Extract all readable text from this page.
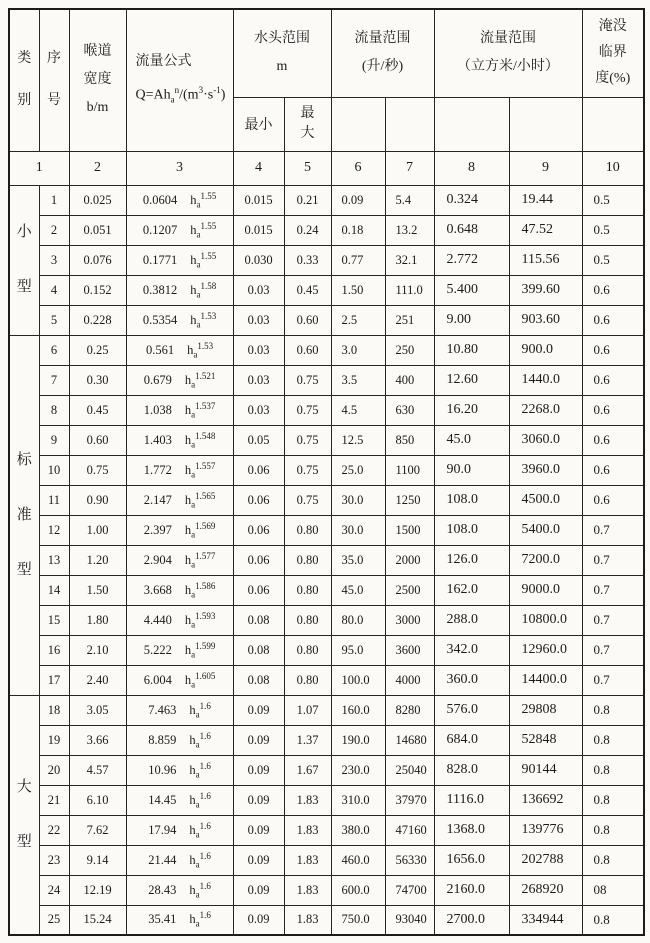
类
别

序
号

喉道
宽度
b/m

流量公式
$Q=Ah_a^n/(m^3\cdot s^{-1})$

水头范围
m

流量范围
(升/秒)

流量范围
（立方米/小时）

淹没
临界
度(%)

				最小	最
大					

1		2	3	4	5	6	7	8	9	10

小
型
	1	0.025	0.0604 $h_a^{1.55}$	0.015	0.21	0.09	5.4	0.324	19.44	0.5
	2	0.051	0.1207 $h_a^{1.55}$	0.015	0.24	0.18	13.2	0.648	47.52	0.5
	3	0.076	0.1771 $h_a^{1.55}$	0.030	0.33	0.77	32.1	2.772	115.56	0.5
	4	0.152	0.3812 $h_a^{1.58}$	0.03	0.45	1.50	111.0	5.400	399.60	0.6
	5	0.228	0.5354 $h_a^{1.53}$	0.03	0.60	2.5	251	9.00	903.60	0.6

标
准
型
	6	0.25	0.561 $h_a^{1.53}$	0.03	0.60	3.0	250	10.80	900.0	0.6
	7	0.30	0.679 $h_a^{1.521}$	0.03	0.75	3.5	400	12.60	1440.0	0.6
	8	0.45	1.038 $h_a^{1.537}$	0.03	0.75	4.5	630	16.20	2268.0	0.6
	9	0.60	1.403 $h_a^{1.548}$	0.05	0.75	12.5	850	45.0	3060.0	0.6
	10	0.75	1.772 $h_a^{1.557}$	0.06	0.75	25.0	1100	90.0	3960.0	0.6
	11	0.90	2.147 $h_a^{1.565}$	0.06	0.75	30.0	1250	108.0	4500.0	0.6
	12	1.00	2.397 $h_a^{1.569}$	0.06	0.80	30.0	1500	108.0	5400.0	0.7
	13	1.20	2.904 $h_a^{1.577}$	0.06	0.80	35.0	2000	126.0	7200.0	0.7
	14	1.50	3.668 $h_a^{1.586}$	0.06	0.80	45.0	2500	162.0	9000.0	0.7
	15	1.80	4.440 $h_a^{1.593}$	0.08	0.80	80.0	3000	288.0	10800.0	0.7
	16	2.10	5.222 $h_a^{1.599}$	0.08	0.80	95.0	3600	342.0	12960.0	0.7
	17	2.40	6.004 $h_a^{1.605}$	0.08	0.80	100.0	4000	360.0	14400.0	0.7

大
型
	18	3.05	7.463 $h_a^{1.6}$	0.09	1.07	160.0	8280	576.0	29808	0.8
	19	3.66	8.859 $h_a^{1.6}$	0.09	1.37	190.0	14680	684.0	52848	0.8
	20	4.57	10.96 $h_a^{1.6}$	0.09	1.67	230.0	25040	828.0	90144	0.8
	21	6.10	14.45 $h_a^{1.6}$	0.09	1.83	310.0	37970	1116.0	136692	0.8
	22	7.62	17.94 $h_a^{1.6}$	0.09	1.83	380.0	47160	1368.0	139776	0.8
	23	9.14	21.44 $h_a^{1.6}$	0.09	1.83	460.0	56330	1656.0	202788	0.8
	24	12.19	28.43 $h_a^{1.6}$	0.09	1.83	600.0	74700	2160.0	268920	08
	25	15.24	35.41 $h_a^{1.6}$	0.09	1.83	750.0	93040	2700.0	334944	0.8
